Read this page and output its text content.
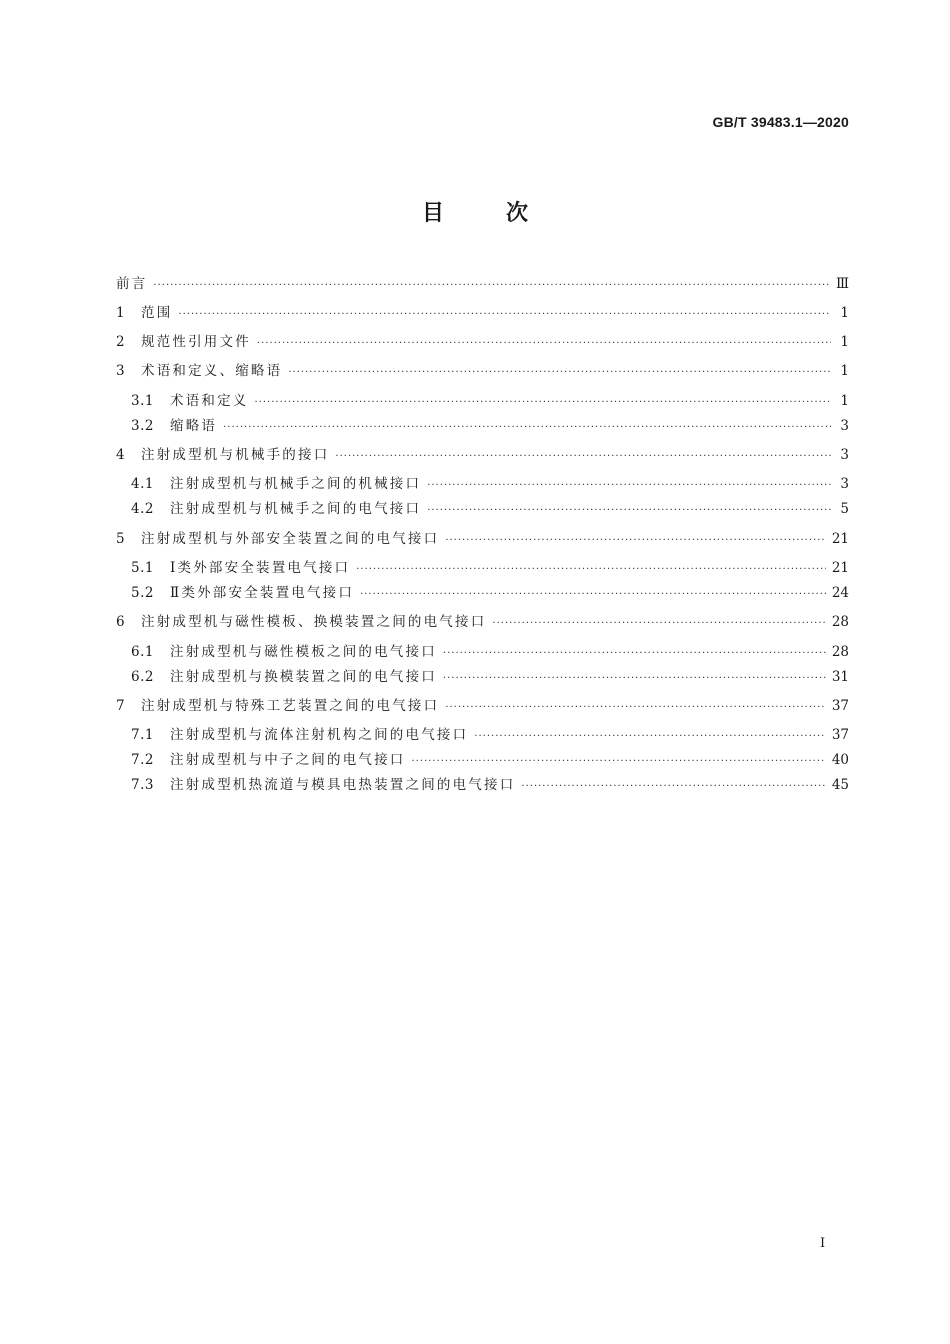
GB/T 39483.1—2020
目	次
前言 ·····	Ⅲ
1	范围 ·····	1
2	规范性引用文件 ·····	1
3	术语和定义、缩略语 ·····	1
3.1	术语和定义 ·····	1
3.2	缩略语 ·····	3
4	注射成型机与机械手的接口 ·····	3
4.1	注射成型机与机械手之间的机械接口 ·····	3
4.2	注射成型机与机械手之间的电气接口 ·····	5
5	注射成型机与外部安全装置之间的电气接口 ·····	21
5.1	Ⅰ类外部安全装置电气接口 ·····	21
5.2	Ⅱ类外部安全装置电气接口 ·····	24
6	注射成型机与磁性模板、换模装置之间的电气接口 ·····	28
6.1	注射成型机与磁性模板之间的电气接口 ·····	28
6.2	注射成型机与换模装置之间的电气接口 ·····	31
7	注射成型机与特殊工艺装置之间的电气接口 ·····	37
7.1	注射成型机与流体注射机构之间的电气接口 ·····	37
7.2	注射成型机与中子之间的电气接口 ·····	40
7.3	注射成型机热流道与模具电热装置之间的电气接口 ·····	45
Ⅰ
